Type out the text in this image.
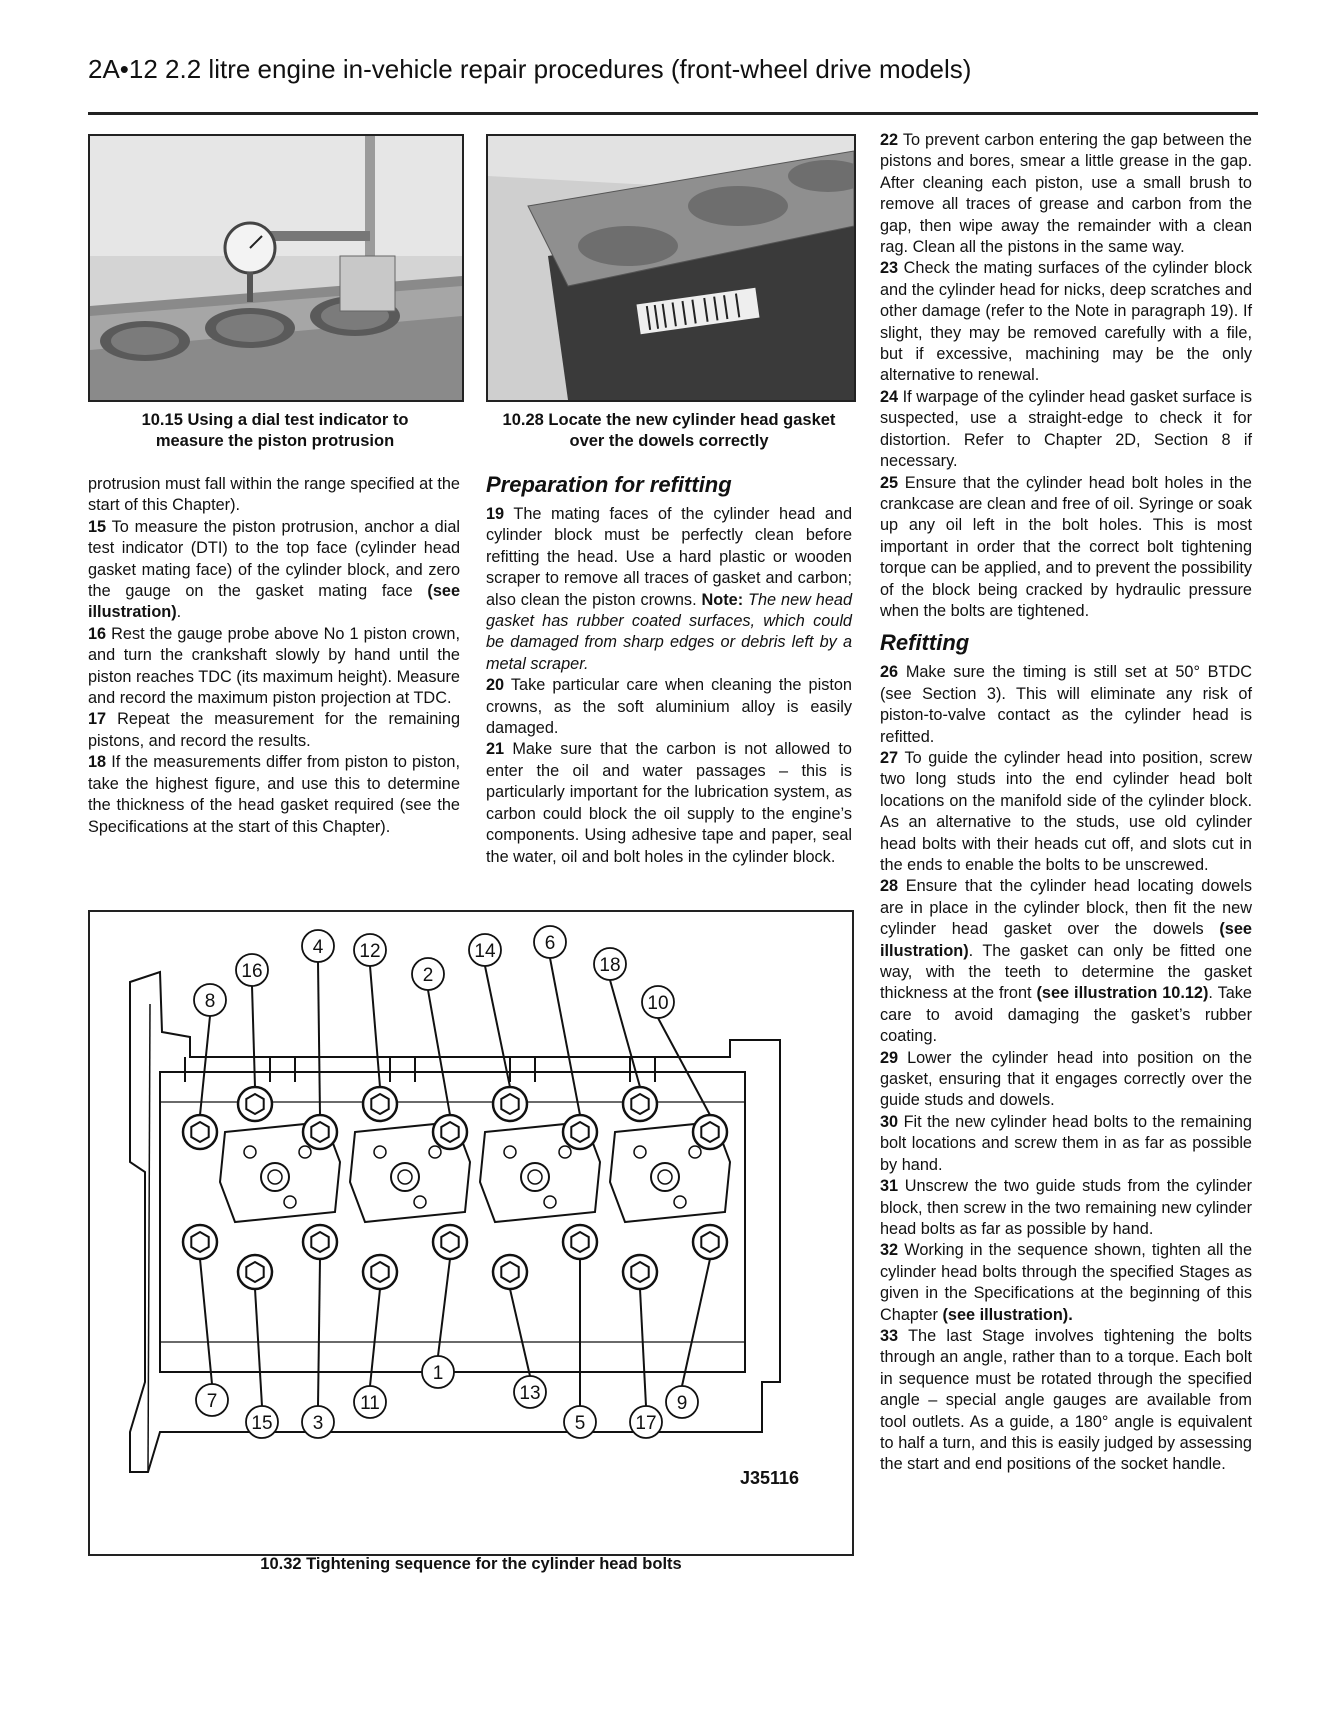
2A•12 2.2 litre engine in-vehicle repair procedures (front-wheel drive models)
10.15 Using a dial test indicator to measure the piston protrusion
10.28 Locate the new cylinder head gasket over the dowels correctly

protrusion must fall within the range specified at the start of this Chapter).

15 To measure the piston protrusion, anchor a dial test indicator (DTI) to the top face (cylinder head gasket mating face) of the cylinder block, and zero the gauge on the gasket mating face (see illustration).

16 Rest the gauge probe above No 1 piston crown, and turn the crankshaft slowly by hand until the piston reaches TDC (its maximum height). Measure and record the maximum piston projection at TDC.

17 Repeat the measurement for the remaining pistons, and record the results.

18 If the measurements differ from piston to piston, take the highest figure, and use this to determine the thickness of the head gasket required (see the Specifications at the start of this Chapter).

Preparation for refitting

19 The mating faces of the cylinder head and cylinder block must be perfectly clean before refitting the head. Use a hard plastic or wooden scraper to remove all traces of gasket and carbon; also clean the piston crowns. Note: The new head gasket has rubber coated surfaces, which could be damaged from sharp edges or debris left by a metal scraper.

20 Take particular care when cleaning the piston crowns, as the soft aluminium alloy is easily damaged.

21 Make sure that the carbon is not allowed to enter the oil and water passages – this is particularly important for the lubrication system, as carbon could block the oil supply to the engine’s components. Using adhesive tape and paper, seal the water, oil and bolt holes in the cylinder block.

22 To prevent carbon entering the gap between the pistons and bores, smear a little grease in the gap. After cleaning each piston, use a small brush to remove all traces of grease and carbon from the gap, then wipe away the remainder with a clean rag. Clean all the pistons in the same way.

23 Check the mating surfaces of the cylinder block and the cylinder head for nicks, deep scratches and other damage (refer to the Note in paragraph 19). If slight, they may be removed carefully with a file, but if excessive, machining may be the only alternative to renewal.

24 If warpage of the cylinder head gasket surface is suspected, use a straight-edge to check it for distortion. Refer to Chapter 2D, Section 8 if necessary.

25 Ensure that the cylinder head bolt holes in the crankcase are clean and free of oil. Syringe or soak up any oil left in the bolt holes. This is most important in order that the correct bolt tightening torque can be applied, and to prevent the possibility of the block being cracked by hydraulic pressure when the bolts are tightened.

Refitting

26 Make sure the timing is still set at 50° BTDC (see Section 3). This will eliminate any risk of piston-to-valve contact as the cylinder head is refitted.

27 To guide the cylinder head into position, screw two long studs into the end cylinder head bolt locations on the manifold side of the cylinder block. As an alternative to the studs, use old cylinder head bolts with their heads cut off, and slots cut in the ends to enable the bolts to be unscrewed.

28 Ensure that the cylinder head locating dowels are in place in the cylinder block, then fit the new cylinder head gasket over the dowels (see illustration). The gasket can only be fitted one way, with the teeth to determine the gasket thickness at the front (see illustration 10.12). Take care to avoid damaging the gasket’s rubber coating.

29 Lower the cylinder head into position on the gasket, ensuring that it engages correctly over the guide studs and dowels.

30 Fit the new cylinder head bolts to the remaining bolt locations and screw them in as far as possible by hand.

31 Unscrew the two guide studs from the cylinder block, then screw in the two remaining new cylinder head bolts as far as possible by hand.

32 Working in the sequence shown, tighten all the cylinder head bolts through the specified Stages as given in the Specifications at the beginning of this Chapter (see illustration).

33 The last Stage involves tightening the bolts through an angle, rather than to a torque. Each bolt in sequence must be rotated through the specified angle – special angle gauges are available from tool outlets. As a guide, a 180° angle is equivalent to half a turn, and this is easily judged by assessing the start and end positions of the socket handle.

1
2
3
4
5
6
7
8
9
10
11
12
13
14
15
16
17
18
10.32 Tightening sequence for the cylinder head bolts
J35116
